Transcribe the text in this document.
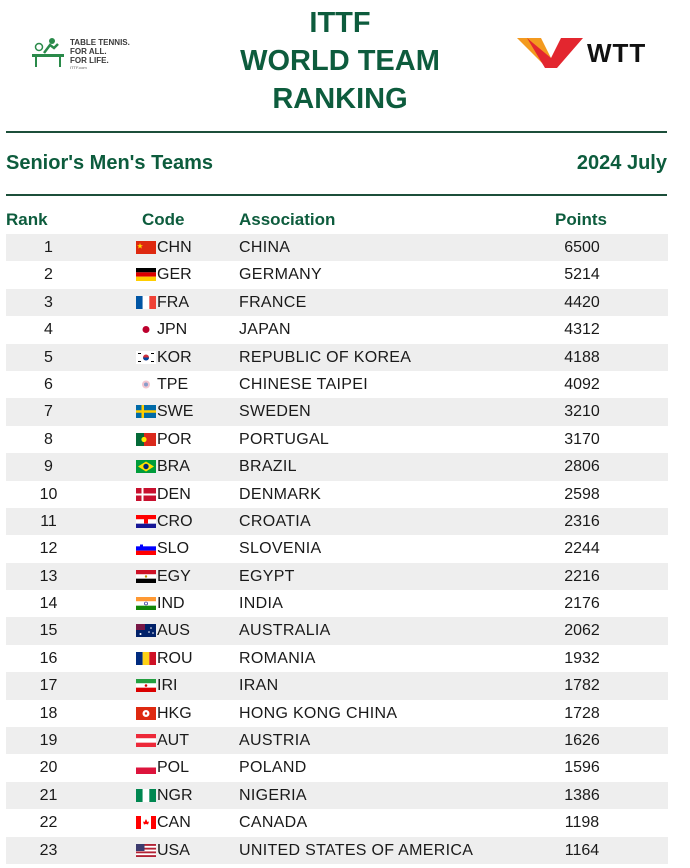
TABLE TENNIS.
FOR ALL.
FOR LIFE.
ITTF.com
ITTF
WORLD TEAM
RANKING
WTT
Senior's Men's Teams	2024 July
Rank	Code	Association	Points
1	CHN	CHINA	6500
2	GER	GERMANY	5214
3	FRA	FRANCE	4420
4	JPN	JAPAN	4312
5	KOR	REPUBLIC OF KOREA	4188
6	TPE	CHINESE TAIPEI	4092
7	SWE	SWEDEN	3210
8	POR	PORTUGAL	3170
9	BRA	BRAZIL	2806
10	DEN	DENMARK	2598
11	CRO	CROATIA	2316
12	SLO	SLOVENIA	2244
13	EGY	EGYPT	2216
14	IND	INDIA	2176
15	AUS	AUSTRALIA	2062
16	ROU	ROMANIA	1932
17	IRI	IRAN	1782
18	HKG	HONG KONG CHINA	1728
19	AUT	AUSTRIA	1626
20	POL	POLAND	1596
21	NGR	NIGERIA	1386
22	CAN	CANADA	1198
23	USA	UNITED STATES OF AMERICA	1164
